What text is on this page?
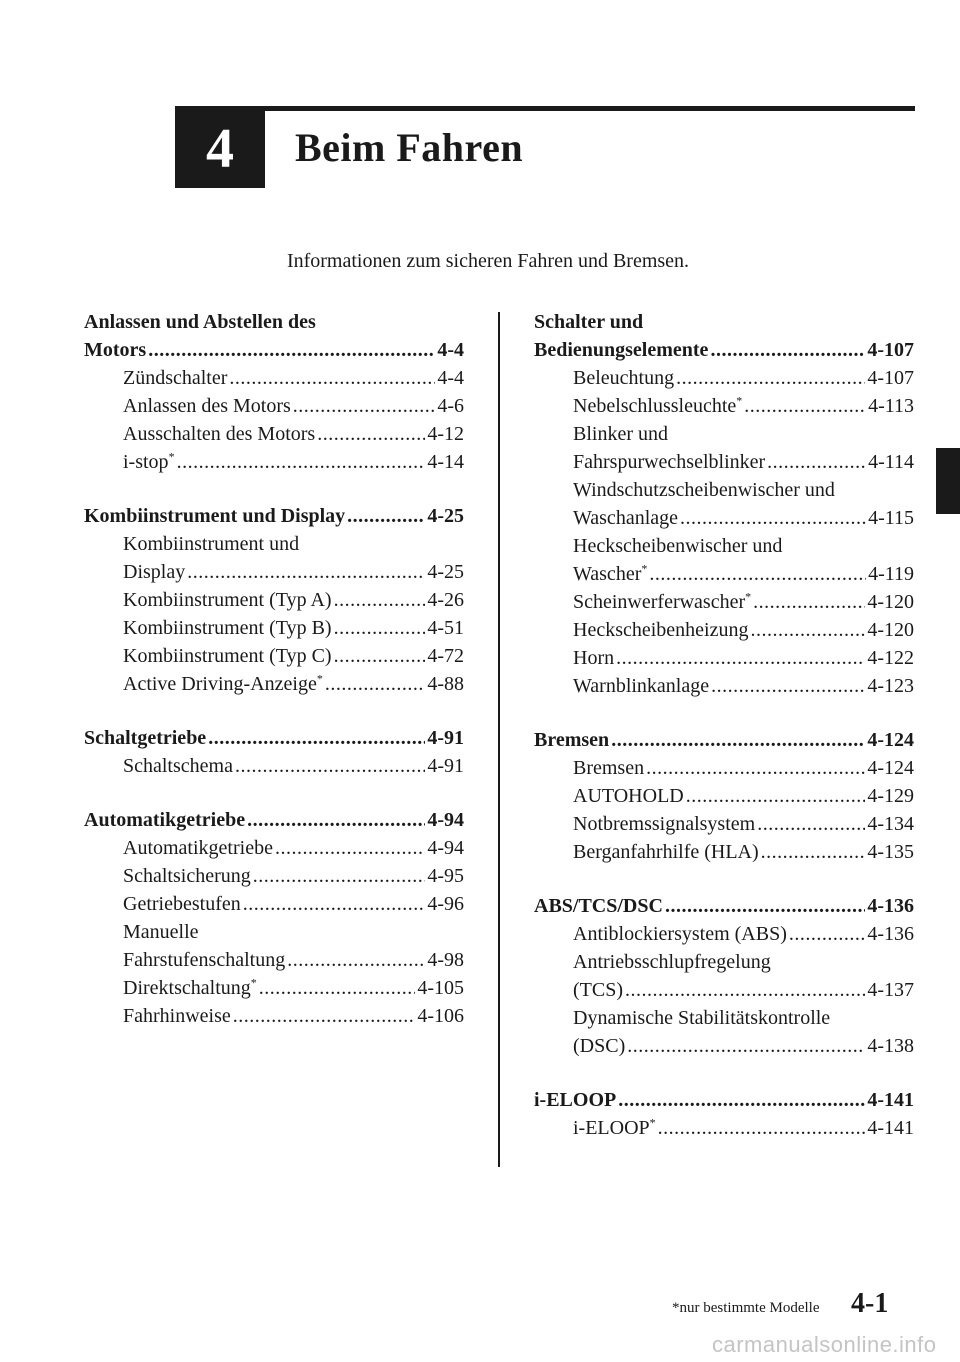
4 Beim Fahren
Informationen zum sicheren Fahren und Bremsen.
Anlassen und Abstellen des
Motors .....	4-4
Zündschalter .....	4-4
Anlassen des Motors .....	4-6
Ausschalten des Motors .....	4-12
i-stop* .....	4-14
Kombiinstrument und Display .....	4-25
Kombiinstrument und
Display .....	4-25
Kombiinstrument (Typ A) .....	4-26
Kombiinstrument (Typ B) .....	4-51
Kombiinstrument (Typ C) .....	4-72
Active Driving-Anzeige* .....	4-88
Schaltgetriebe .....	4-91
Schaltschema .....	4-91
Automatikgetriebe .....	4-94
Automatikgetriebe .....	4-94
Schaltsicherung .....	4-95
Getriebestufen .....	4-96
Manuelle
Fahrstufenschaltung .....	4-98
Direktschaltung* .....	4-105
Fahrhinweise .....	4-106
Schalter und
Bedienungselemente .....	4-107
Beleuchtung .....	4-107
Nebelschlussleuchte* .....	4-113
Blinker und
Fahrspurwechselblinker .....	4-114
Windschutzscheibenwischer und
Waschanlage .....	4-115
Heckscheibenwischer und
Wascher* .....	4-119
Scheinwerferwascher* .....	4-120
Heckscheibenheizung .....	4-120
Horn .....	4-122
Warnblinkanlage .....	4-123
Bremsen .....	4-124
Bremsen .....	4-124
AUTOHOLD .....	4-129
Notbremssignalsystem .....	4-134
Berganfahrhilfe (HLA) .....	4-135
ABS/TCS/DSC .....	4-136
Antiblockiersystem (ABS) .....	4-136
Antriebsschlupfregelung
(TCS) .....	4-137
Dynamische Stabilitätskontrolle
(DSC) .....	4-138
i-ELOOP .....	4-141
i-ELOOP* .....	4-141
*nur bestimmte Modelle 4-1
carmanualsonline.info
